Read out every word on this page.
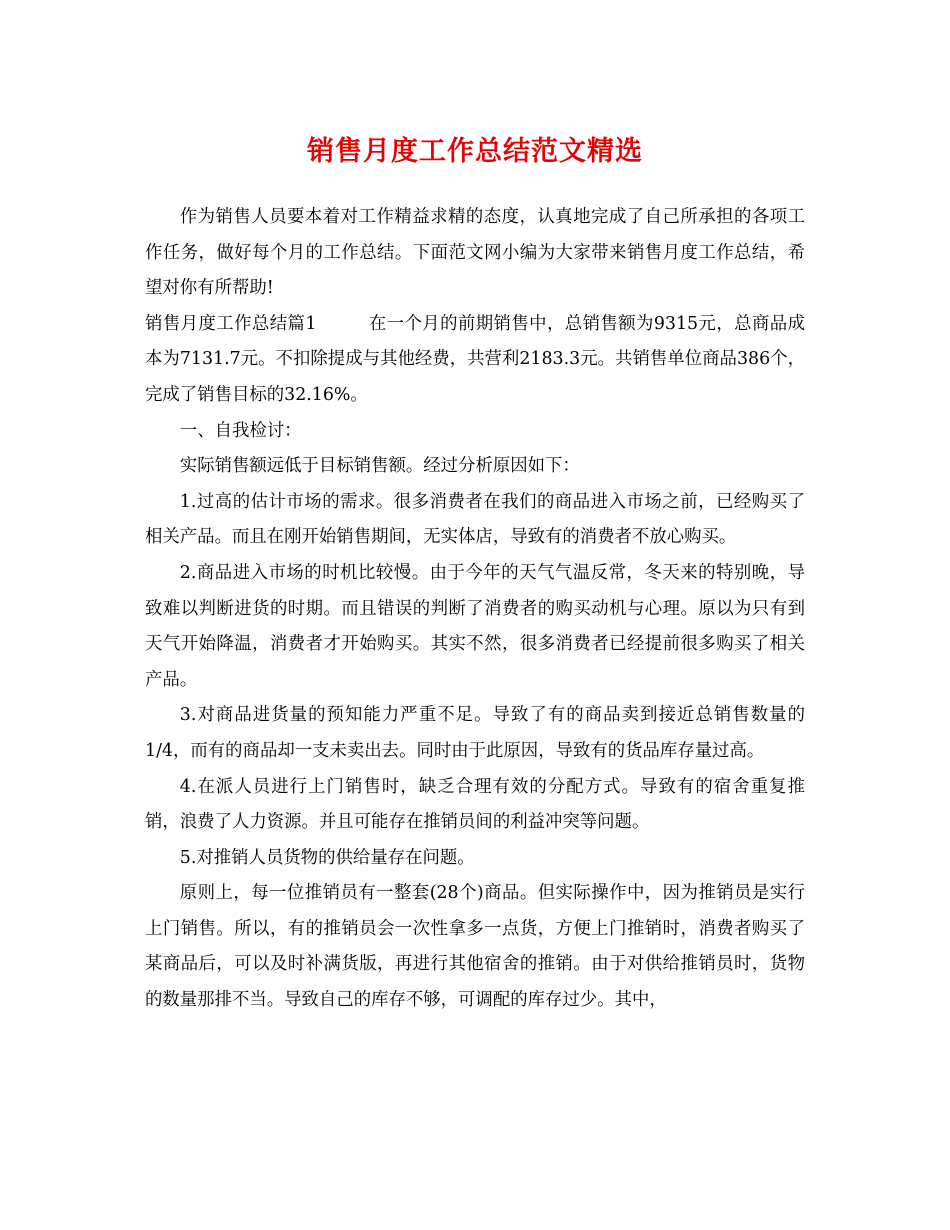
销售月度工作总结范文精选

作为销售人员要本着对工作精益求精的态度，认真地完成了自己所承担的各项工作任务，做好每个月的工作总结。下面范文网小编为大家带来销售月度工作总结，希望对你有所帮助!

销售月度工作总结篇1	在一个月的前期销售中，总销售额为9315元，总商品成本为7131.7元。不扣除提成与其他经费，共营利2183.3元。共销售单位商品386个，完成了销售目标的32.16%。

一、自我检讨：

实际销售额远低于目标销售额。经过分析原因如下：

1.过高的估计市场的需求。很多消费者在我们的商品进入市场之前，已经购买了相关产品。而且在刚开始销售期间，无实体店，导致有的消费者不放心购买。

2.商品进入市场的时机比较慢。由于今年的天气气温反常，冬天来的特别晚，导致难以判断进货的时期。而且错误的判断了消费者的购买动机与心理。原以为只有到天气开始降温，消费者才开始购买。其实不然，很多消费者已经提前很多购买了相关产品。

3.对商品进货量的预知能力严重不足。导致了有的商品卖到接近总销售数量的1/4，而有的商品却一支未卖出去。同时由于此原因，导致有的货品库存量过高。

4.在派人员进行上门销售时，缺乏合理有效的分配方式。导致有的宿舍重复推销，浪费了人力资源。并且可能存在推销员间的利益冲突等问题。

5.对推销人员货物的供给量存在问题。

原则上，每一位推销员有一整套(28个)商品。但实际操作中，因为推销员是实行上门销售。所以，有的推销员会一次性拿多一点货，方便上门推销时，消费者购买了某商品后，可以及时补满货版，再进行其他宿舍的推销。由于对供给推销员时，货物的数量那排不当。导致自己的库存不够，可调配的库存过少。其中，
